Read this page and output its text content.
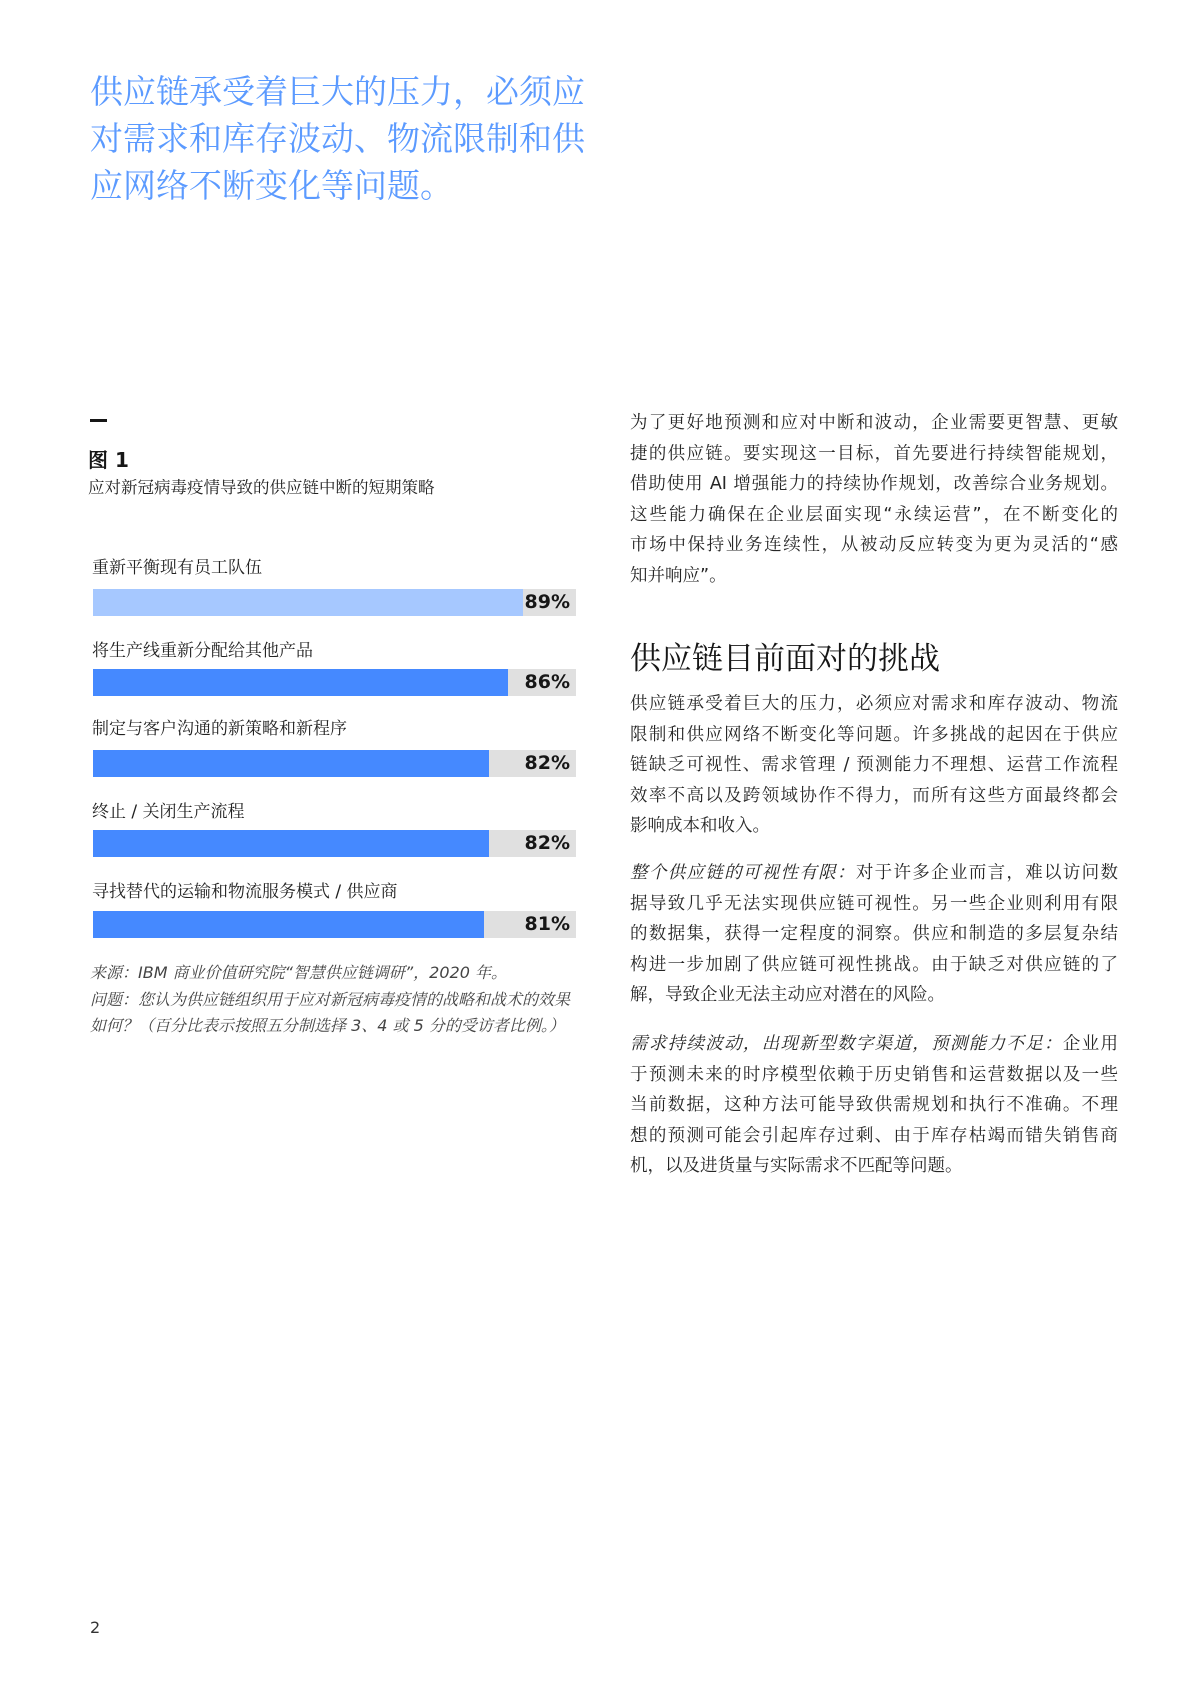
供应链承受着巨大的压力，必须应
对需求和库存波动、物流限制和供
应网络不断变化等问题。
图 1
应对新冠病毒疫情导致的供应链中断的短期策略
重新平衡现有员工队伍
89%
将生产线重新分配给其他产品
86%
制定与客户沟通的新策略和新程序
82%
终止 / 关闭生产流程
82%
寻找替代的运输和物流服务模式 / 供应商
81%
来源：IBM 商业价值研究院“智慧供应链调研”，2020 年。
问题：您认为供应链组织用于应对新冠病毒疫情的战略和战术的效果
如何？（百分比表示按照五分制选择 3、4 或 5 分的受访者比例。）
为了更好地预测和应对中断和波动，企业需要更智慧、更敏
捷的供应链。要实现这一目标，首先要进行持续智能规划，
借助使用 AI 增强能力的持续协作规划，改善综合业务规划。
这些能力确保在企业层面实现“永续运营”，在不断变化的
市场中保持业务连续性，从被动反应转变为更为灵活的“感
知并响应”。
供应链目前面对的挑战
供应链承受着巨大的压力，必须应对需求和库存波动、物流
限制和供应网络不断变化等问题。许多挑战的起因在于供应
链缺乏可视性、需求管理 / 预测能力不理想、运营工作流程
效率不高以及跨领域协作不得力，而所有这些方面最终都会
影响成本和收入。
整个供应链的可视性有限：对于许多企业而言，难以访问数
据导致几乎无法实现供应链可视性。另一些企业则利用有限
的数据集，获得一定程度的洞察。供应和制造的多层复杂结
构进一步加剧了供应链可视性挑战。由于缺乏对供应链的了
解，导致企业无法主动应对潜在的风险。
需求持续波动，出现新型数字渠道，预测能力不足：企业用
于预测未来的时序模型依赖于历史销售和运营数据以及一些
当前数据，这种方法可能导致供需规划和执行不准确。不理
想的预测可能会引起库存过剩、由于库存枯竭而错失销售商
机，以及进货量与实际需求不匹配等问题。
2
